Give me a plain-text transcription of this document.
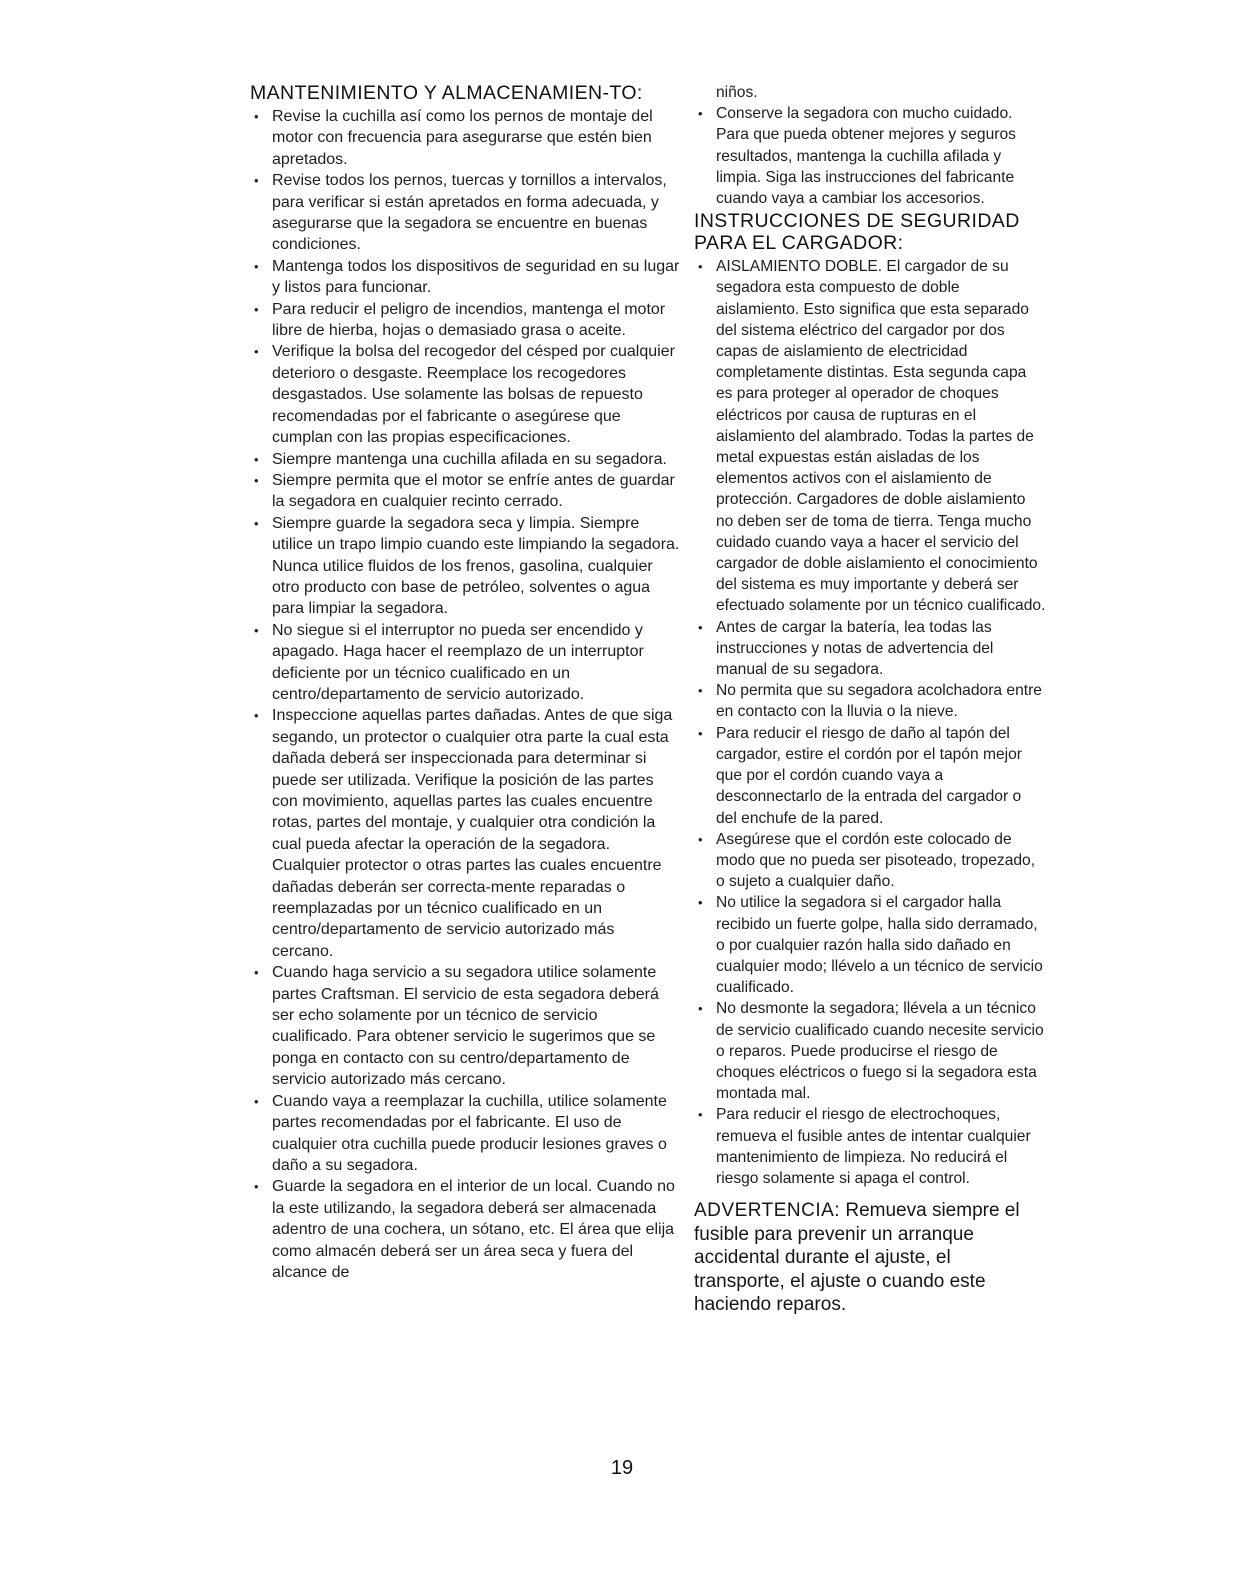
MANTENIMIENTO Y ALMACENAMIEN-TO:
• Revise la cuchilla así como los pernos de montaje del motor con frecuencia para asegurarse que estén bien apretados.
• Revise todos los pernos, tuercas y tornillos a intervalos, para verificar si están apretados en forma adecuada, y asegurarse que la segadora se encuentre en buenas condiciones.
• Mantenga todos los dispositivos de seguridad en su lugar y listos para funcionar.
• Para reducir el peligro de incendios, mantenga el motor libre de hierba, hojas o demasiado grasa o aceite.
• Verifique la bolsa del recogedor del césped por cualquier deterioro o desgaste. Reemplace los recogedores desgastados. Use solamente las bolsas de repuesto recomendadas por el fabricante o asegúrese que cumplan con las propias especificaciones.
• Siempre mantenga una cuchilla afilada en su segadora.
• Siempre permita que el motor se enfríe antes de guardar la segadora en cualquier recinto cerrado.
• Siempre guarde la segadora seca y limpia. Siempre utilice un trapo limpio cuando este limpiando la segadora. Nunca utilice fluidos de los frenos, gasolina, cualquier otro producto con base de petróleo, solventes o agua para limpiar la segadora.
• No siegue si el interruptor no pueda ser encendido y apagado. Haga hacer el reemplazo de un interruptor deficiente por un técnico cualificado en un centro/departamento de servicio autorizado.
• Inspeccione aquellas partes dañadas. Antes de que siga segando, un protector o cualquier otra parte la cual esta dañada deberá ser inspeccionada para determinar si puede ser utilizada. Verifique la posición de las partes con movimiento, aquellas partes las cuales encuentre rotas, partes del montaje, y cualquier otra condición la cual pueda afectar la operación de la segadora. Cualquier protector o otras partes las cuales encuentre dañadas deberán ser correcta-mente reparadas o reemplazadas por un técnico cualificado en un centro/departamento de servicio autorizado más cercano.
• Cuando haga servicio a su segadora utilice solamente partes Craftsman. El servicio de esta segadora deberá ser echo solamente por un técnico de servicio cualificado. Para obtener servicio le sugerimos que se ponga en contacto con su centro/departamento de servicio autorizado más cercano.
• Cuando vaya a reemplazar la cuchilla, utilice solamente partes recomendadas por el fabricante. El uso de cualquier otra cuchilla puede producir lesiones graves o daño a su segadora.
• Guarde la segadora en el interior de un local. Cuando no la este utilizando, la segadora deberá ser almacenada adentro de una cochera, un sótano, etc. El área que elija como almacén deberá ser un área seca y fuera del alcance de
niños.
• Conserve la segadora con mucho cuidado. Para que pueda obtener mejores y seguros resultados, mantenga la cuchilla afilada y limpia. Siga las instrucciones del fabricante cuando vaya a cambiar los accesorios.
INSTRUCCIONES DE SEGURIDAD PARA EL CARGADOR:
• AISLAMIENTO DOBLE. El cargador de su segadora esta compuesto de doble aislamiento. Esto significa que esta separado del sistema eléctrico del cargador por dos capas de aislamiento de electricidad completamente distintas. Esta segunda capa es para proteger al operador de choques eléctricos por causa de rupturas en el aislamiento del alambrado. Todas la partes de metal expuestas están aisladas de los elementos activos con el aislamiento de protección. Cargadores de doble aislamiento no deben ser de toma de tierra. Tenga mucho cuidado cuando vaya a hacer el servicio del cargador de doble aislamiento el conocimiento del sistema es muy importante y deberá ser efectuado solamente por un técnico cualificado.
• Antes de cargar la batería, lea todas las instrucciones y notas de advertencia del manual de su segadora.
• No permita que su segadora acolchadora entre en contacto con la lluvia o la nieve.
• Para reducir el riesgo de daño al tapón del cargador, estire el cordón por el tapón mejor que por el cordón cuando vaya a desconnectarlo de la entrada del cargador o del enchufe de la pared.
• Asegúrese que el cordón este colocado de modo que no pueda ser pisoteado, tropezado, o sujeto a cualquier daño.
• No utilice la segadora si el cargador halla recibido un fuerte golpe, halla sido derramado, o por cualquier razón halla sido dañado en cualquier modo; llévelo a un técnico de servicio cualificado.
• No desmonte la segadora; llévela a un técnico de servicio cualificado cuando necesite servicio o reparos. Puede producirse el riesgo de choques eléctricos o fuego si la segadora esta montada mal.
• Para reducir el riesgo de electrochoques, remueva el fusible antes de intentar cualquier mantenimiento de limpieza. No reducirá el riesgo solamente si apaga el control.

ADVERTENCIA: Remueva siempre el fusible para prevenir un arranque accidental durante el ajuste, el transporte, el ajuste o cuando este haciendo reparos.

19
